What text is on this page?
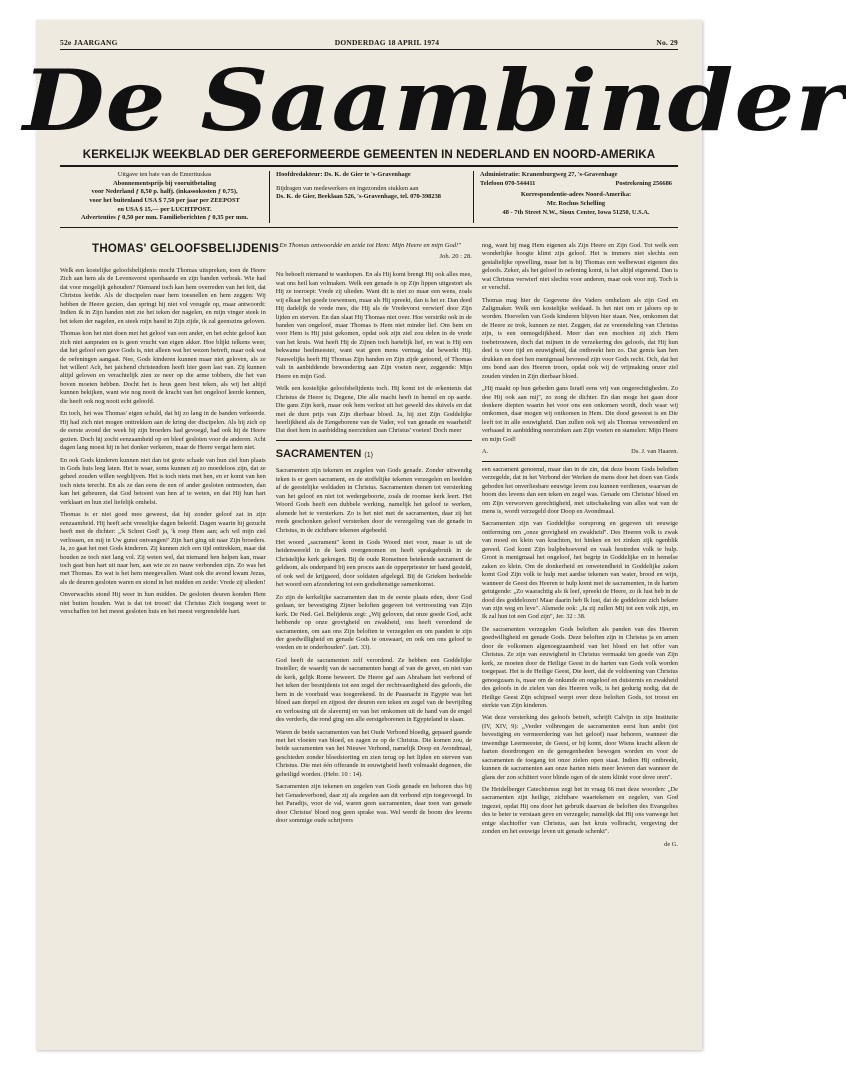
52e JAARGANG	DONDERDAG 18 APRIL 1974	No. 29
De Saambinder
KERKELIJK WEEKBLAD DER GEREFORMEERDE GEMEENTEN IN NEDERLAND EN NOORD-AMERIKA
Uitgave ten bate van de Emerituskas
Abonnementsprijs bij vooruitbetaling
voor Nederland ƒ 8,50 p. halfj. (inkassokosten ƒ 0,75),
voor het buitenland USA $ 7,50 per jaar per ZEEPOST
en USA $ 15,— per LUCHTPOST.
Advertenties ƒ 0,50 per mm. Familieberichten ƒ 0,35 per mm.
Hoofdredakteur: Ds. K. de Gier te 's-Gravenhage
Bijdragen van medewerkers en ingezonden stukken aan
Ds. K. de Gier, Beeklaan 526, 's-Gravenhage, tel. 070-398238
Administratie: Kranenburgweg 27, 's-Gravenhage
Telefoon 070-544411	Postrekening 256686
Korrespondentie-adres Noord-Amerika:
Mr. Rochus Schelling
48 - 7th Street N.W., Sioux Center, Iowa 51250, U.S.A.
THOMAS' GELOOFSBELIJDENIS

Welk een kostelijke geloofsbelijdenis mocht Thomas uitspreken, toen de Heere Zich aan hem als de Levensvorst openbaarde en zijn banden verbrak. Wie had dat voor mogelijk gehouden? Niemand toch kan hem overreden van het feit, dat Christus leefde. Als de discipelen naar hem toesnellen en hem zeggen: Wij hebben de Heere gezien, dan springt hij niet vol vreugde op, maar antwoordt: Indien ik in Zijn handen niet zie het teken der nagelen, en mijn vinger steek in het teken der nagelen, en steek mijn hand in Zijn zijde, ik zal geenszins geloven.

Thomas kon het niet doen met het geloof van een ander, en het echte geloof kan zich niet aanpraten en is geen vrucht van eigen akker. Hoe blijkt telkens weer, dat het geloof een gave Gods is, niet alleen wat het wezen betreft, maar ook wat de oefeningen aangaat. Nee, Gods kinderen kunnen maar niet geloven, als ze het willen! Ach, het jaichend christendom heeft hier geen last van. Zij kunnen altijd geloven en verachtelijk zien ze neer op die arme tobbers, die het van boven moeten hebben. Docht het is heus geen best teken, als wij het altijd kunnen bekijken, want wie nog nooit de kracht van het ongeloof leerde kennen, die heeft ook nog nooit echt geloofd.

En toch, het was Thomas' eigen schuld, dat hij zo lang in de banden verkeerde. Hij had zich niet mogen onttrekken aan de kring der discipelen. Als hij zich op de eerste avond der week bij zijn broeders had gevoegd, had ook hij de Heere gezien. Doch hij zocht eenzaamheid op en bleef gesloten voor de anderen. Acht dagen lang moest hij in het donker verkeren, maar de Heere vergat hem niet.

En ook Gods kinderen kunnen niet dan tot grote schade van hun ziel hun plaats in Gods huis leeg laten. Het is waar, soms kunnen zij zo moedeloos zijn, dat ze geheel zouden willen wegblijven. Het is toch niets met hen, en er komt van hen toch niets terecht. En als ze dan eens de een of ander gesloten ontmoeten, dan kan het gebeuren, dat God betoont van hen af te weten, en dat Hij hun hart verklaart en hun ziel liefelijk omhelst.

Thomas is er niet goed mee geweest, dat hij zonder geloof zat in zijn eenzaamheid. Hij heeft acht vreselijke dagen beleefd. Dagen waarin hij gezucht heeft met de dichter: „'k Schrei God! ja, 'k roep Hem aan; ach wil mijn ziel verlossen, en mij in Uw gunst ontvangen!' Zijn hart ging uit naar Zijn broeders. Ja, zo gaat het met Gods kinderen. Zij kunnen zich een tijd onttrekken, maar dat houden ze toch niet lang vol. Zij weten wel, dat niemand hen helpen kan, maar toch gaat hun hart uit naar hen, aan wie ze zo nauw verbonden zijn. Zo was het met Thomas. En wat is het hem meegevallen. Want ook die avond kwam Jezus, als de deuren gesloten waren en stond in het midden en zeide: Vrede zij ulieden!

Onverwachts stond Hij weer in hun midden. De gesloten deuren konden Hem niet buiten houden. Wat is dat tot troost! dat Christus Zich toegang weet te verschaffen tot het meest gesloten huis en het meest vergrendelde hart.

„En Thomas antwoordde en zeide tot Hem: Mijn Heere en mijn God!"
Joh. 20 : 28.

Nu behoeft niemand te wanhopen. En als Hij komt brengt Hij ook alles mee, wat ons heil kan volmaken. Welk een genade is op Zijn lippen uitgestort als Hij ze toeroept: Vrede zij ulieden. Want dit is niet zo maar een wens, zoals wij elkaar het goede toewensen, maar als Hij spreekt, dan is het er. Dan deed Hij dadelijk de vrede mee, die Hij als de Vredevorst verwierf door Zijn lijden en sterven. En dan slaat Hij Thomas niet over. Hoe verstrikt ook in de banden van ongeloof, maar Thomas is Hem niet minder lief. Om hem en voor Hem is Hij juist gekomen, opdat ook zijn ziel zou delen in de vrede van het kruis. Wat heeft Hij de Zijnen toch hartelijk lief, en wat is Hij een bekwame heelmeester, want wat geen mens vermag, dat bewerkt Hij. Nauwelijks heeft Hij Thomas Zijn handen en Zijn zijde getoond, of Thomas valt in aanbiddende bewondering aan Zijn voeten neer, zeggende: Mijn Heere en mijn God.

Welk een kostelijke geloofsbelijdenis toch. Hij komt tot de erkentenis dat Christus de Heere is; Degene, Die alle macht heeft in hemel en op aarde. Die gans Zijn kerk, maar ook hem verlost uit het geweld des duivels en dat met de dure prijs van Zijn dierbaar bloed. Ja, hij ziet Zijn Goddelijke heerlijkheid als de Eengeborene van de Vader, vol van genade en waarheid! Dat doet hem in aanbidding neerzinken aan Christus' voeten! Doch meer

SACRAMENTEN (1)

Sacramenten zijn tekenen en zegelen van Gods genade. Zonder uitwendig teken is er geen sacrament, en de stoffelijke tekenen verzegelen en beelden af de geestelijke weldaden in Christus. Sacramenten dienen tot versterking van het geloof en niet tot wedergeboorte, zoals de roomse kerk leert. Het Woord Gods heeft een dubbele werking, namelijk het geloof te werken, alsmede het te versterken. Zo is het niet met de sacramenten, daar zij het reeds geschonken geloof versterken door de verzegeling van de genade in Christus, in de zichtbare tekenen afgebeeld.

Het woord „sacrament" komt in Gods Woord niet voor, maar is uit de heidenwereld in de kerk overgenomen en heeft sprakgebruik in de Christelijke kerk gekregen. Bij de oude Romeinen betekende sacrament de geldsom, als onderpand bij een proces aan de opperpriester ter hand gesteld, of ook wel de krijgseed, door soldaten afgelegd. Bij de Grieken bedoelde het woord een afzondering tot een godsdienstige samenkomst.

Zo zijn de kerkelijke sacramenten dan in de eerste plaats eden, door God gedaan, ter bevestiging Zijner beloften gegeven tot vertroosting van Zijn kerk. De Ned. Gel. Belijdenis zegt: „Wij geloven, dat onze goede God, acht hebbende op onze grovigheid en zwakheid, ons heeft verordend de sacramenten, om aan ons Zijn beloften te verzegelen en om panden te zijn der goedwilligheid en genade Gods te onswaart, en ook om ons geloof te voeden en te onderhouden". (art. 33).

God heeft de sacramenten zelf verordend. Ze hebben een Goddelijke Insteller; de waardij van de sacramenten hangt af van de gever, en niet van de kerk, gelijk Rome beweert. De Heere gaf aan Abraham het verbond of het teken der besnijdenis tot een zegel der rechtvaardigheid des geloofs, die hem in de voorhuid was toegerekend. In de Paasnacht in Egypte was het bloed aan dorpel en zijpost der deuren een teken en zegel van de bevrijding en verlossing uit de slavernij en van het omkomen uit de hand van de engel des verderfs, die rond ging om alle eerstgeborenen in Egypteland te slaan.

Waren de beide sacramenten van het Oude Verbond bloedig, gepaard gaande met het vloeien van bloed, en zagen ze op de Christus. Die komen zou, de beide sacramenten van het Nieuwe Verbond, namelijk Doop en Avondmaal, geschieden zonder bloedstorting en zien terug op het lijden en sterven van Christus. Die met één offerande in eeuwigheid heeft volmaakt degenen, die geheiligd worden. (Hebr. 10 : 14).

Sacramenten zijn tekenen en zegelen van Gods genade en behoren dus bij het Genadeverbond, daar zij als zegelen aan dit verbond zijn toegevoegd. In het Paradijs, voor de val, waren geen sacramenten, daar toen van genade door Christus' bloed nog geen sprake was. Wel werdt de boom des levens door sommige oude schrijvers

nog, want hij mag Hem eigenen als Zijn Heere en Zijn God. Tot welk een wonderlijke hoogte klimt zijn geloof. Het is immers niet slechts een gestaltelijke opwelling, maar het is bij Thomas een welbewust eigenen des geloofs. Zeker, als het geloof in oefening komt, is het altijd eigenend. Dan is wat Christus verwierf niet slechts voor anderen, maar ook voor mij. Toch is er verschil.

Thomas mag hier de Gegevene des Vaders omhelzen als zijn God en Zaligmaker. Welk een kostelijke weldaad. Is het niet om er jaloers op te worden. Hoevelen van Gods kinderen blijven hier staan. Nee, omkomen dat de Heere ze trok, kunnen ze niet. Zeggen, dat ze vreemdeling van Christus zijn, is een onmogelijkheid. Meer dan een mochten zij zich Hem toebetrouwen, doch dat mijnen in de verzekering des geloofs, dat Hij hun deel is voor tijd en eeuwigheid, dat ontbreekt hen zo. Dat gemis kan hen drukken en doet hen menigmaal bevreesd zijn voor Gods recht. Och, dat het ons bond aan des Heeren troon, opdat ook wij de vrijmaking onzer ziel zouden vinden in Zijn dierbaar bloed.

„Hij maakt op hun gebeden gans Israël eens vrij van ongerechtigheden. Zo doe Hij ook aan mij", zo zong de dichter. En dan moge het gaan door donkere diepten waarin het voor ons een onkomen wordt, doch waar wij omkomen, daar mogen wij ontkomen in Hem. Die dood geweest is en Die leeft tot in alle eeuwigheid. Dan zullen ook wij als Thomas verwonderd en verbaasd in aanbidding neerzinken aan Zijn voeten en stamelen: Mijn Heere en mijn God!

A.	Ds. J. van Haaren.

een sacrament genoemd, maar dan in de zin, dat deze boom Gods beloften verzegelde, dat in het Verbond der Werken de mens door het doen van Gods geboden het onverliesbare eeuwige leven zou kunnen verdienen, waarvan de boom des levens dan een teken en zegel was. Genade om Christus' bloed en om Zijn verworven gerechtigheid, met uitschakeling van alles wat van de mens is, wordt verzegeld door Doop en Avondmaal.

Sacramenten zijn van Goddelijke oorsprong en gegeven uit eeuwige ontferming om „onze grovigheid en zwakheid". Des Heeren volk is zwak van moed en klein van krachten, tot hinken en tot zinken zijk ogenblik gereed. God komt Zijn hulpbehoevend en vaak bestreden volk te hulp. Groot is menigmaal het ongeloof, het begrip in Goddelijke en in hemelse zaken zo klein. Om de donkerheid en onwetendheid in Goddelijke zaken komt God Zijn volk te hulp met aardse tekenen van water, brood en wijn, wanneer de Geest des Heeren te hulp komt met de sacramenten, in de harten getuigende: „Zo waarachtig als ik leef, spreekt de Heere, zo ik lust heb in de dood des goddelozen! Maar daarin heb Ik lust, dat de goddeloze zich bekere van zijn weg en leve". Alsmede ook: „Ja zij zullen Mij tot een volk zijn, en Ik zal hun tot een God zijn", Jer. 32 : 38.

De sacramenten verzegelen Gods beloften als panden van des Heeren goedwilligheid en genade Gods. Deze beloften zijn in Christus ja en amen door de volkomen algenoegzaamheid van het bloed en het offer van Christus. Ze zijn van eeuwigheid in Christus vermaakt ten goede van Zijn kerk, ze moeten door de Heilige Geest in de harten van Gods volk worden toegepast. Het is de Heilige Geest, Die leert, dat de voldoening van Christus genoegzaam is, maar om de onkunde en ongeloof en duisternis en zwakheid des geloofs in de zielen van des Heeren volk, is het gedurig nodig, dat de Heilige Geest Zijn schijnsel werpt over deze beloften Gods, tot troost en sterkte van Zijn kinderen.

Wat deze versterking des geloofs betreft, schrijft Calvijn in zijn Institutie (IV, XIV, 9): „Verder volbrengen de sacramenten eerst hun ambt (tot bevestiging en vermeerdering van het geloof) naar behoren, wanneer die inwendige Leermeester, de Geest, er bij komt, door Wiens kracht alleen de harten doordrongen en de genegenheden bewogen worden en voor de sacramenten de toegang tot onze zielen open staat. Indien Hij ontbreekt, kunnen de sacramenten aan onze harten niets meer leveren dan wanneer de glans der zon schittert voor blinde ogen of de stem klinkt voor dove oren".

De Heidelberger Catechismus zegt het in vraag 66 met deze woorden: „De sacramenten zijn heilige, zichtbare waartekenen en zegelen, van God ingezet, opdat Hij ons door het gebruik daarvan de beloften des Evangelies des te beter te verstaan geve en verzegele; namelijk dat Hij ons vanwege het enige slachtoffer van Christus, aan het kruis volbracht, vergeving der zonden en het eeuwige leven uit genade schenkt".

de G.
